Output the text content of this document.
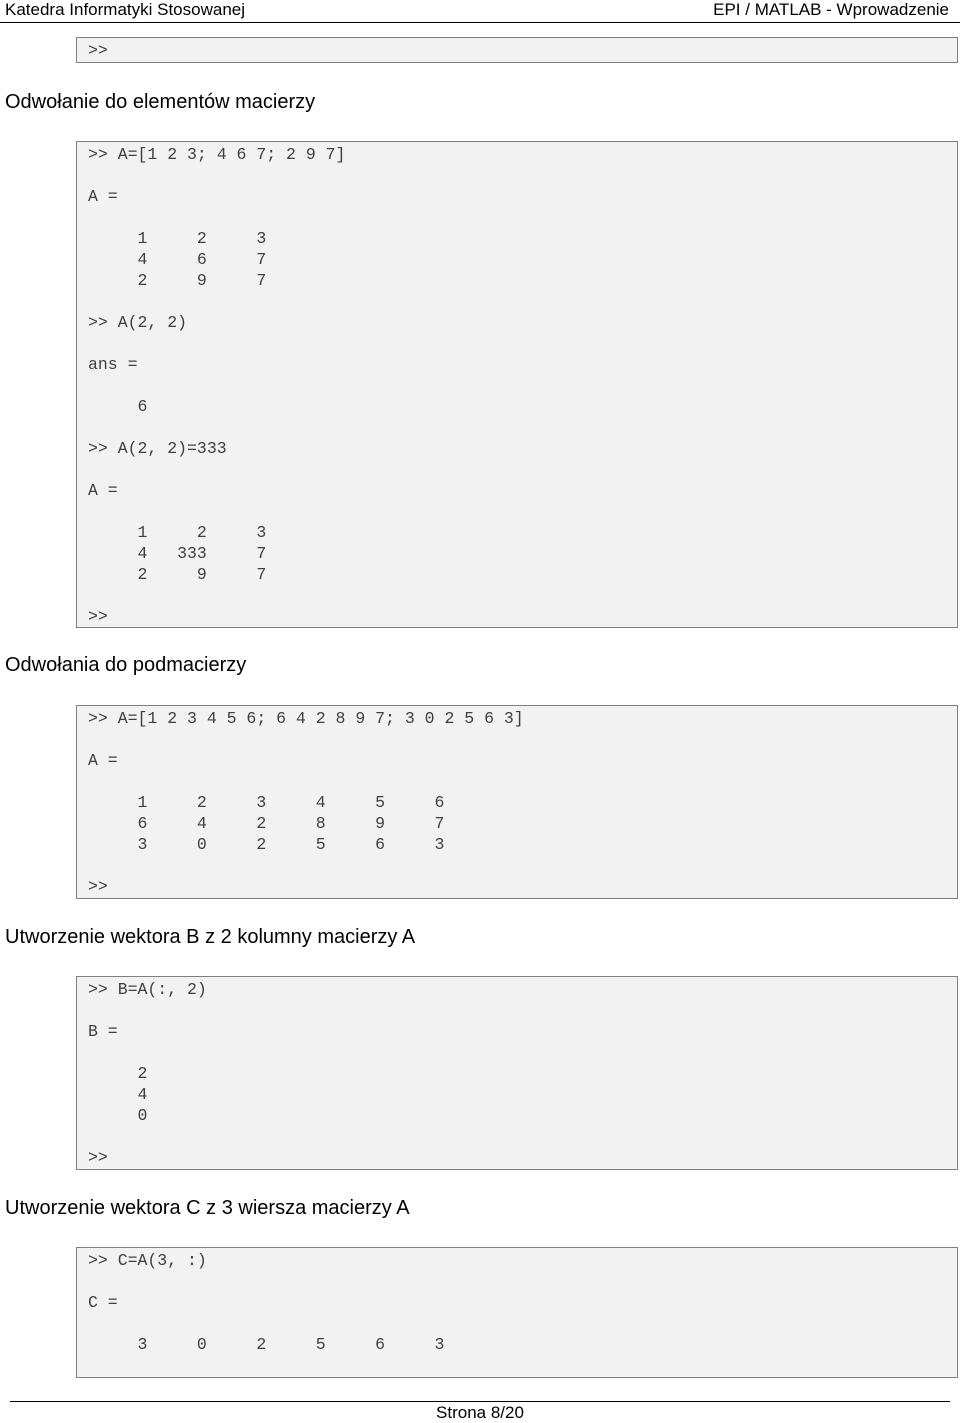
Katedra Informatyki Stosowanej	EPI / MATLAB - Wprowadzenie
>>
Odwołanie do elementów macierzy
>> A=[1 2 3; 4 6 7; 2 9 7]
A =
1     2     3
4     6     7
2     9     7
>> A(2, 2)
ans =
6
>> A(2, 2)=333
A =
1     2     3
4   333     7
2     9     7
>>
Odwołania do podmacierzy
>> A=[1 2 3 4 5 6; 6 4 2 8 9 7; 3 0 2 5 6 3]
A =
1     2     3     4     5     6
6     4     2     8     9     7
3     0     2     5     6     3
>>
Utworzenie wektora B z 2 kolumny macierzy A
>> B=A(:, 2)
B =
2
4
0
>>
Utworzenie wektora C z 3 wiersza macierzy A
>> C=A(3, :)
C =
3     0     2     5     6     3
Strona 8/20
